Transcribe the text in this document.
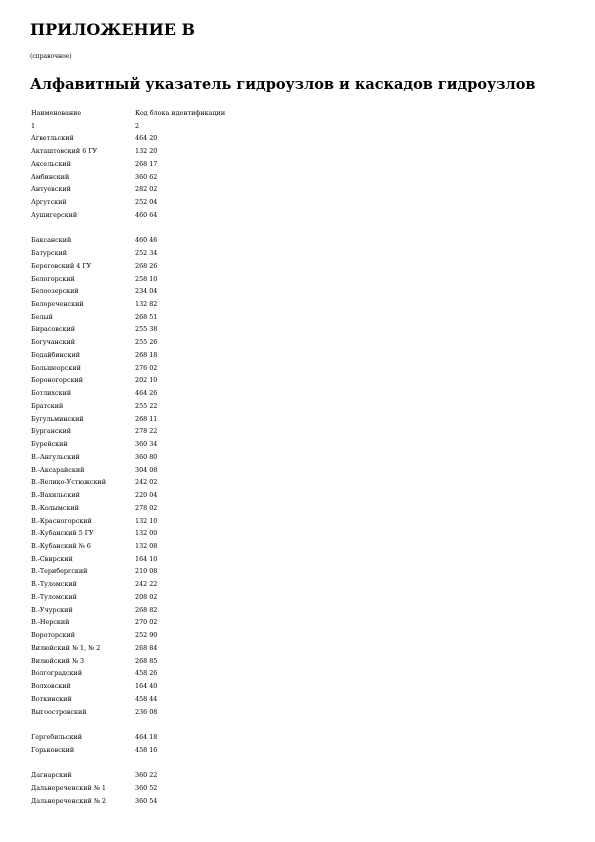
ПРИЛОЖЕНИЕ В
(справочное)
Алфавитный указатель гидроузлов и каскадов гидроузлов
Наименование	Код блока идентификации
1	2
Агветльский	464 20
Акташтовский 6 ГУ	132 20
Аксельский	268 17
Амбинский	360 62
Антуевский	282 02
Аргутский	252 04
Аушигерский	460 64
Баксанский	460 46
Батурский	252 34
Береговский 4 ГУ	268 26
Белогорский	258 10
Белоозерский	234 04
Белореченский	132 82
Белый	268 51
Бирасовский	255 38
Богучанский	255 26
Бодайбинский	268 18
Большеорский	276 02
Бороногорский	202 10
Ботлихский	464 26
Братский	255 22
Бугульминский	268 11
Бурганский	278 22
Бурейский	360 34
В.-Ангульский	360 80
В.-Аксарайский	304 08
В.-Велико-Устюжский	242 02
В.-Вахильский	220 04
В.-Колымский	278 02
В.-Красногорский	132 10
В.-Кубанский 5 ГУ	132 00
В.-Кубанский № 6	132 08
В.-Свирский	164 10
В.-Терибергский	210 08
В.-Туломский	242 22
В.-Туломский	208 02
В.-Учурский	268 82
В.-Нерский	270 02
Вороторский	252 90
Вилюйский № 1, № 2	268 84
Вилюйский № 3	268 85
Волгоградский	458 26
Волховский	164 40
Воткинский	458 44
Выгоостровский	236 08
Гергебильский	464 18
Горьковский	458 16
Дагнарский	360 22
Дальнереченский № 1	360 52
Дальнереченский № 2	360 54
